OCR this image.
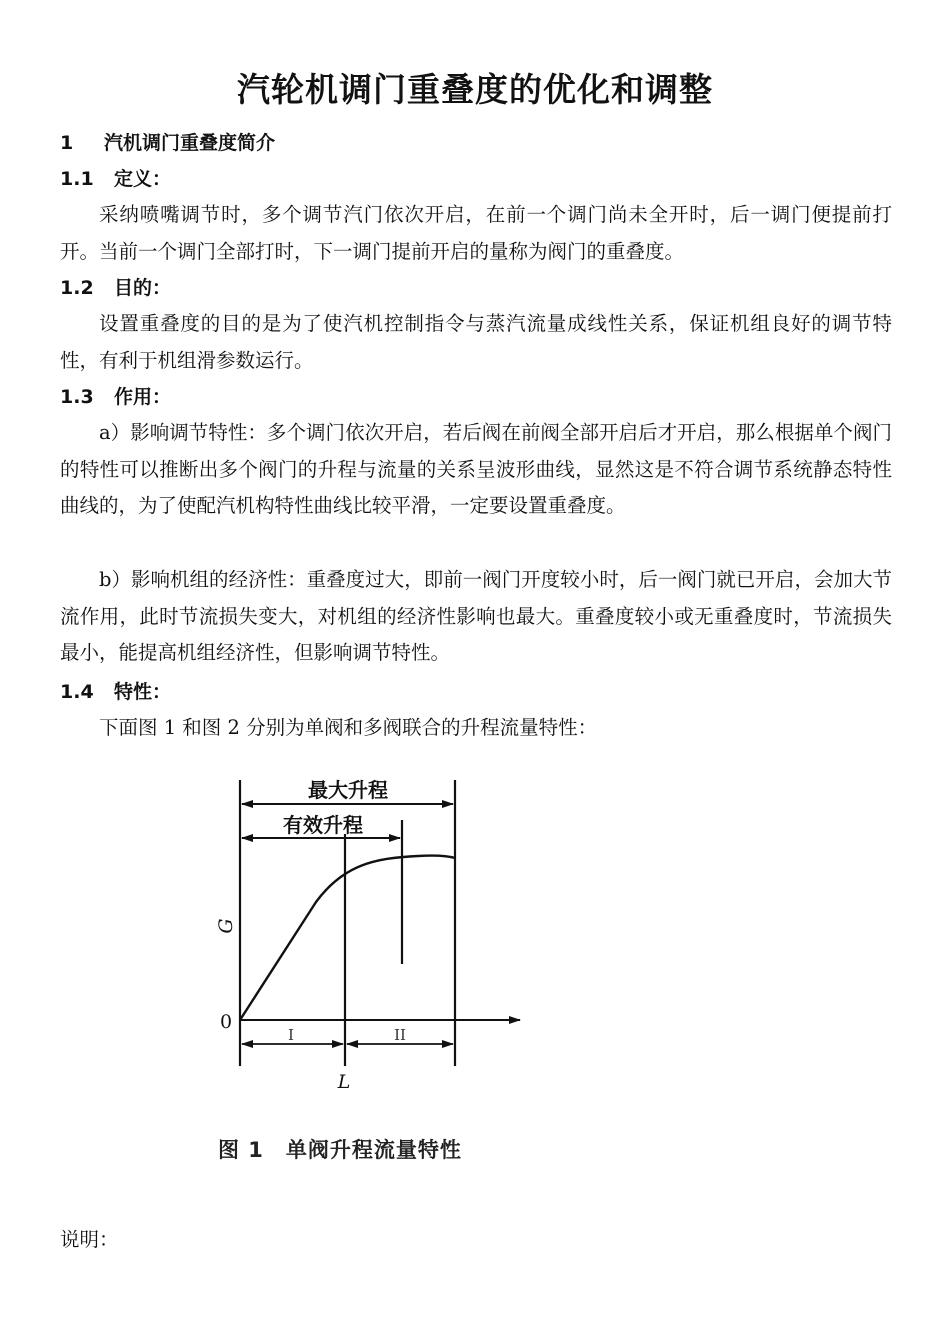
汽轮机调门重叠度的优化和调整
1 汽机调门重叠度简介
1.1 定义：
采纳喷嘴调节时，多个调节汽门依次开启，在前一个调门尚未全开时，后一调门便提前打开。当前一个调门全部打时，下一调门提前开启的量称为阀门的重叠度。
1.2 目的：
设置重叠度的目的是为了使汽机控制指令与蒸汽流量成线性关系，保证机组良好的调节特性，有利于机组滑参数运行。
1.3 作用：
a）影响调节特性：多个调门依次开启，若后阀在前阀全部开启后才开启，那么根据单个阀门的特性可以推断出多个阀门的升程与流量的关系呈波形曲线，显然这是不符合调节系统静态特性曲线的，为了使配汽机构特性曲线比较平滑，一定要设置重叠度。
b）影响机组的经济性：重叠度过大，即前一阀门开度较小时，后一阀门就已开启，会加大节流作用，此时节流损失变大，对机组的经济性影响也最大。重叠度较小或无重叠度时，节流损失最小，能提高机组经济性，但影响调节特性。
1.4 特性：
下面图 1 和图 2 分别为单阀和多阀联合的升程流量特性：
最大升程
有效升程
G
0
I	II
L
图 1　单阀升程流量特性
说明：
